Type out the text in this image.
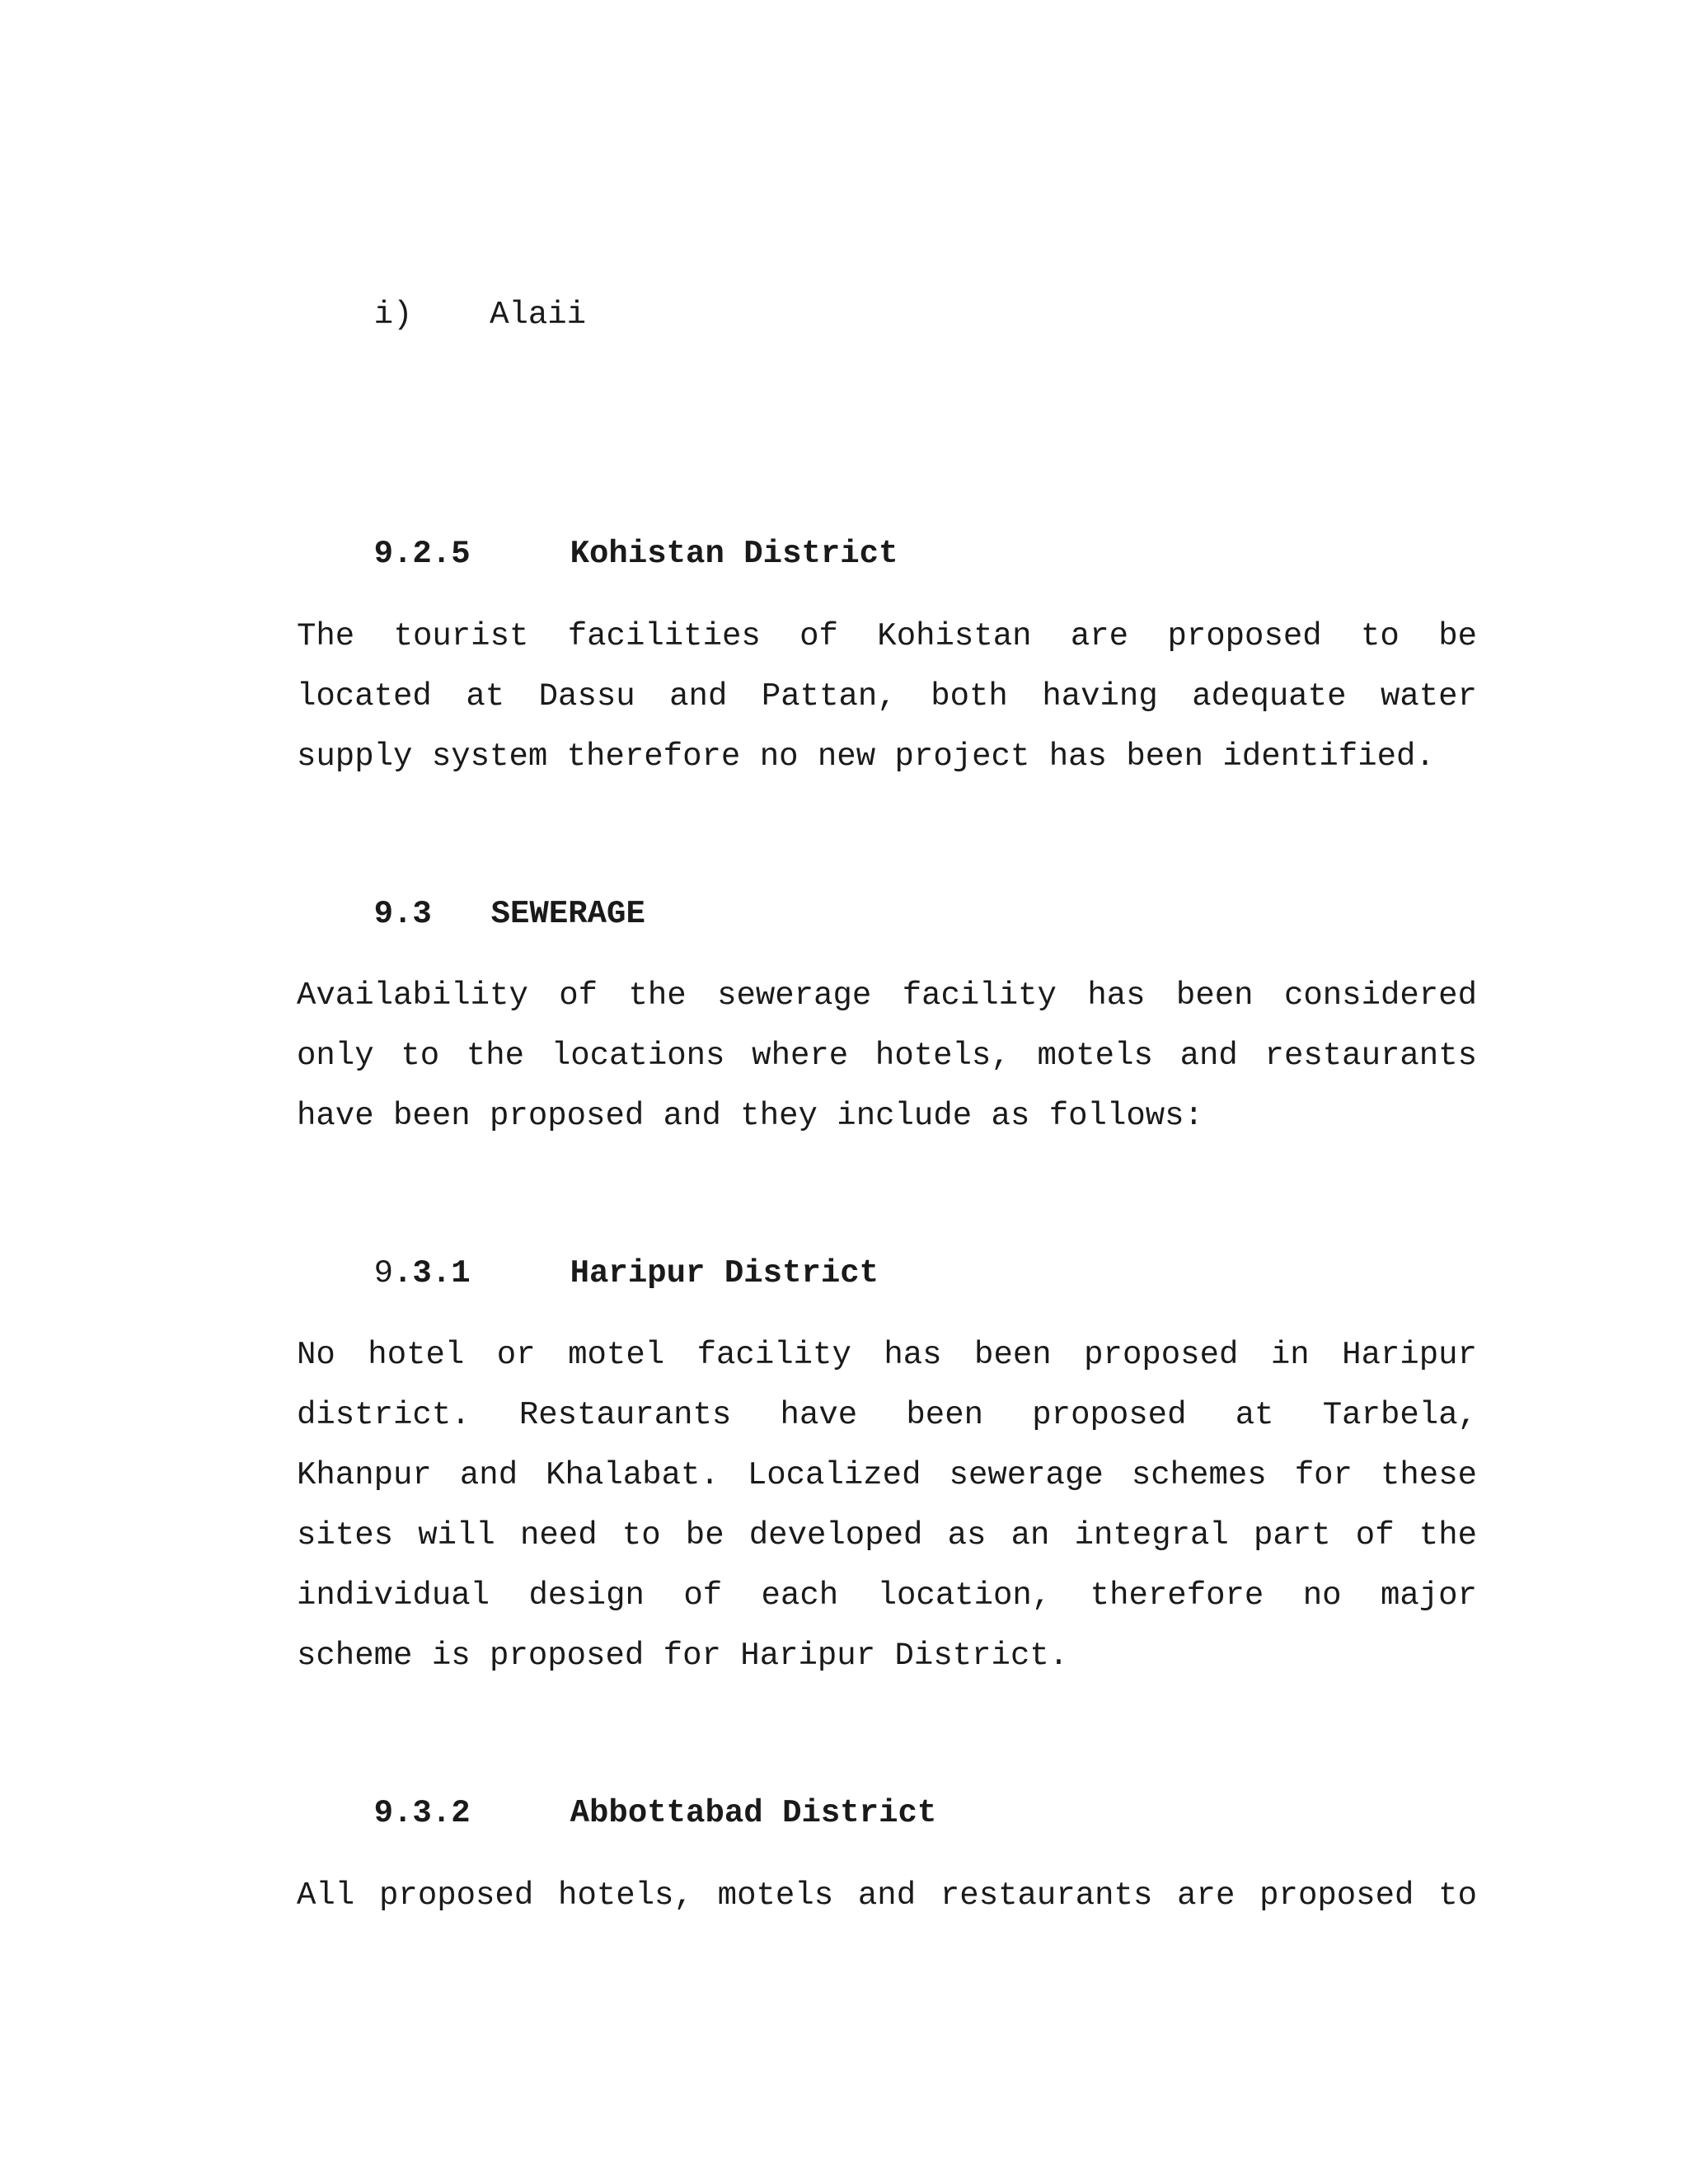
i) Alaii

9.2.5	Kohistan District

The tourist facilities of Kohistan are proposed to be
located at Dassu and Pattan, both having adequate water
supply system therefore no new project has been identified.

9.3 SEWERAGE

Availability of the sewerage facility has been considered
only to the locations where hotels, motels and restaurants
have been proposed and they include as follows:

9.3.1	Haripur District

No hotel or motel facility has been proposed in Haripur
district. Restaurants have been proposed at Tarbela,
Khanpur and Khalabat. Localized sewerage schemes for these
sites will need to be developed as an integral part of the
individual design of each location, therefore no major
scheme is proposed for Haripur District.

9.3.2	Abbottabad District

All proposed hotels, motels and restaurants are proposed to
